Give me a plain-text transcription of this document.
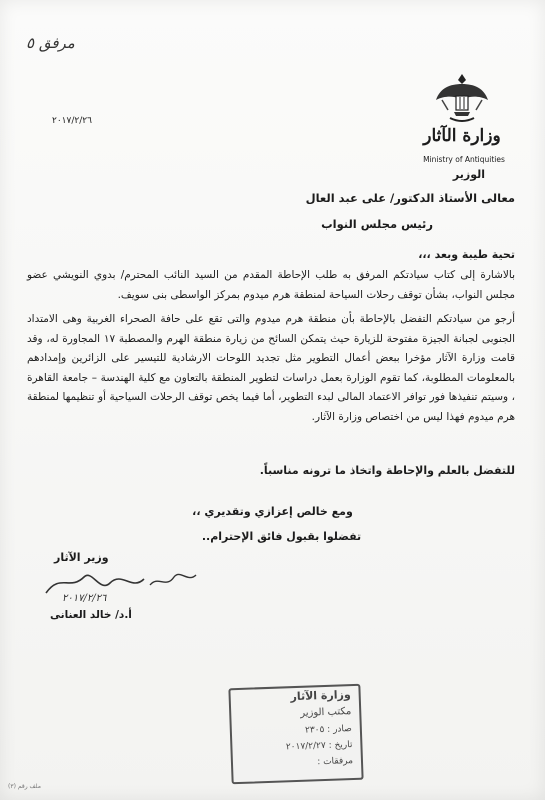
مرفق ٥
٢٠١٧/٢/٢٦
وزارة الآثار
Ministry of Antiquities
الوزير
معالى الأستاذ الدكتور/ على عبد العال
رئيس مجلس النواب
تحية طيبة وبعد ،،،
بالاشارة إلى كتاب سيادتكم المرفق به طلب الإحاطة المقدم من السيد النائب المحترم/ بدوي النويشي عضو مجلس النواب، بشأن توقف رحلات السياحة لمنطقة هرم ميدوم بمركز الواسطى بنى سويف.
أرجو من سيادتكم التفضل بالإحاطة بأن منطقة هرم ميدوم والتى تقع على حافة الصحراء الغربية وهى الامتداد الجنوبى لجبانة الجيزة مفتوحة للزيارة حيث يتمكن السائح من زيارة منطقة الهرم والمصطبة ١٧ المجاورة له، وقد قامت وزارة الآثار مؤخرا ببعض أعمال التطوير مثل تجديد اللوحات الارشادية للتيسير على الزائرين وإمدادهم بالمعلومات المطلوبة، كما تقوم الوزارة بعمل دراسات لتطوير المنطقة بالتعاون مع كلية الهندسة – جامعة القاهرة ، وسيتم تنفيذها فور توافر الاعتماد المالى لبدء التطوير، أما فيما يخص توقف الرحلات السياحية أو تنظيمها لمنطقة هرم ميدوم فهذا ليس من اختصاص وزارة الآثار.
للتفضل بالعلم والإحاطة واتخاذ ما ترونه مناسباً.
ومع خالص إعزازي وتقديري ،،
تفضلوا بقبول فائق الإحترام..
وزير الآثار
٢٠١٧/٢/٢٦
أ.د/ خالد العنانى
وزارة الآثار
مكتب الوزير
صادر : ٢٣٠٥
تاريخ : ٢٠١٧/٢/٢٧
مرفقات :
ملف رقم (٣)
